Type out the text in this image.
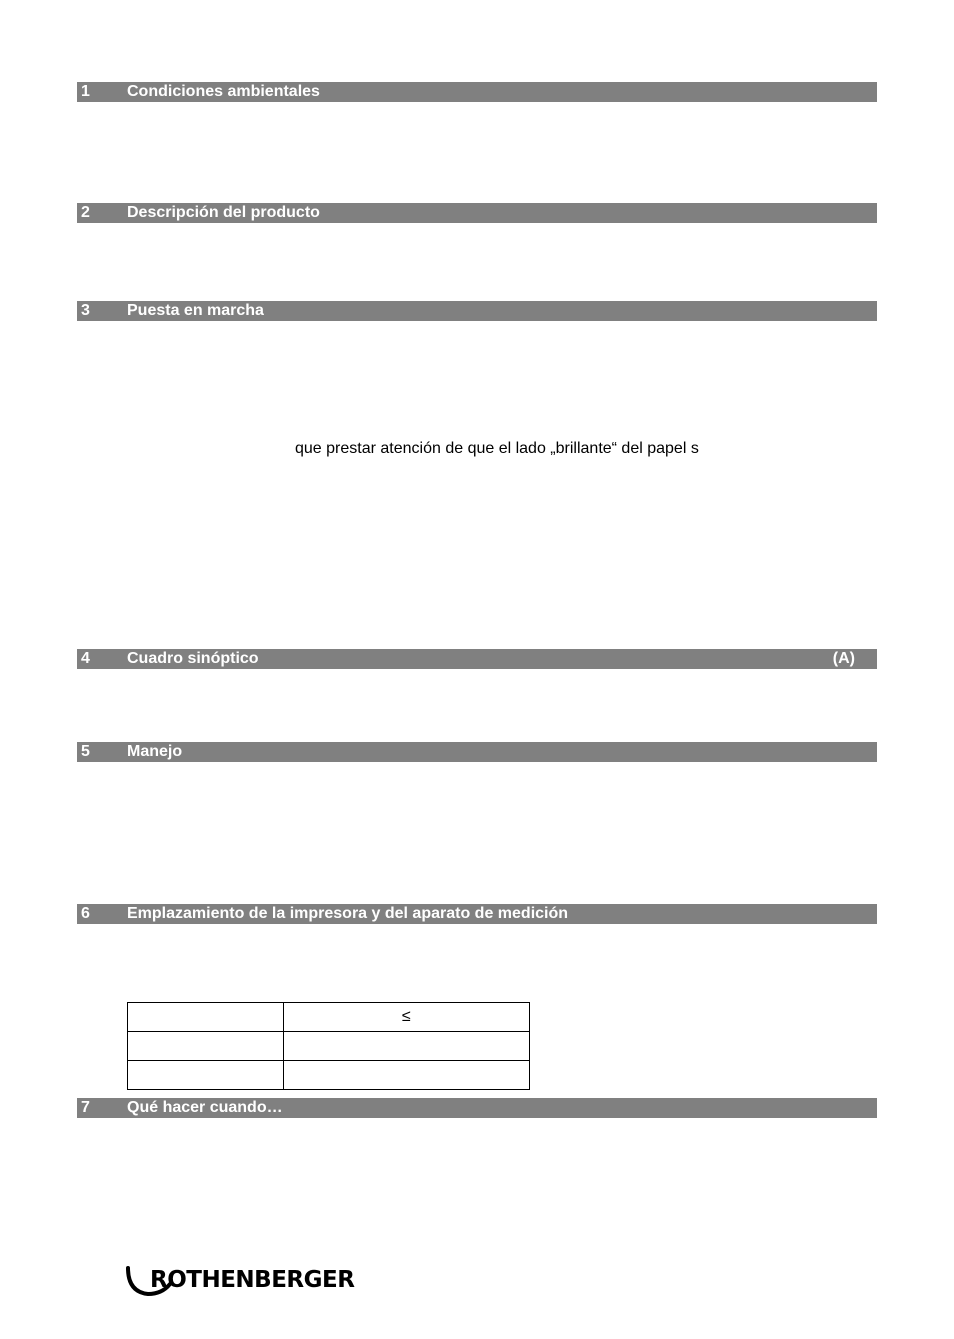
1 Condiciones ambientales
2 Descripción del producto
3 Puesta en marcha
que prestar atención de que el lado „brillante“ del papel s
4 Cuadro sinóptico	(A)
5 Manejo
6 Emplazamiento de la impresora y del aparato de medición
	≤

7 Qué hacer cuando…
ROTHENBERGER
